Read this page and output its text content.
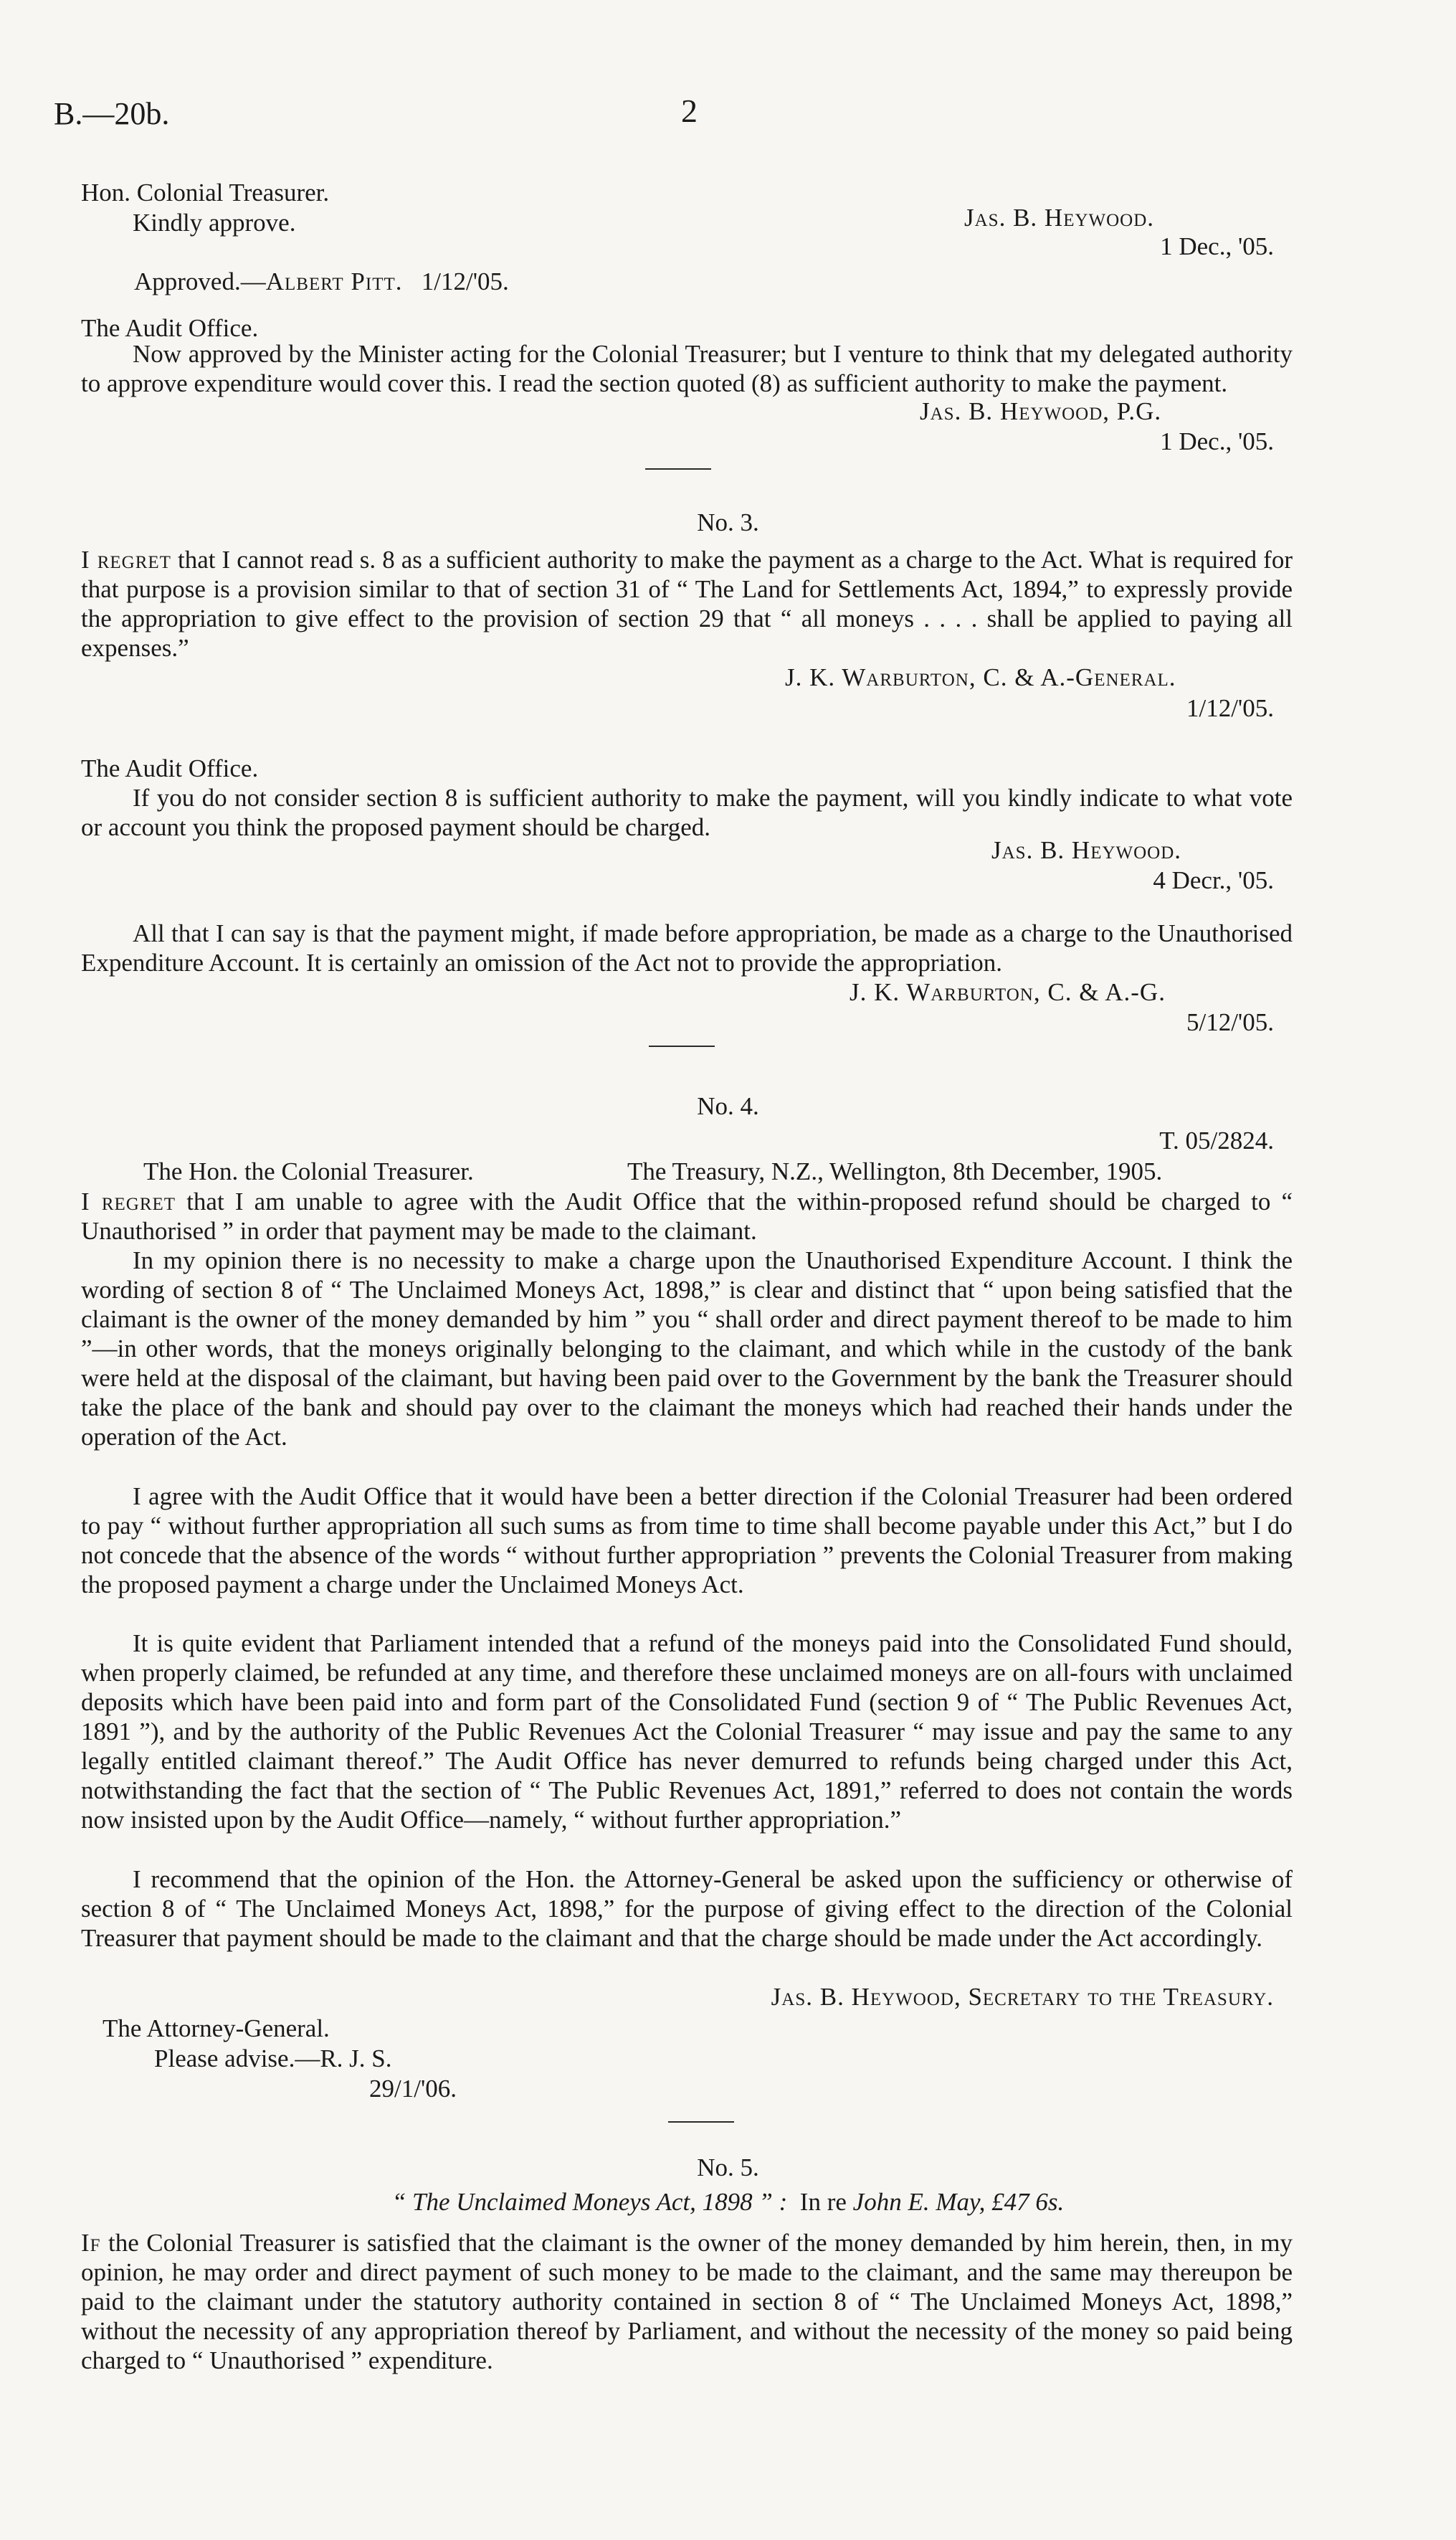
B.—20b.	2
Hon. Colonial Treasurer.
Kindly approve.	Jas. B. Heywood.
1 Dec., '05.
Approved.—Albert Pitt. 1/12/'05.
The Audit Office.

Now approved by the Minister acting for the Colonial Treasurer; but I venture to think that my delegated authority to approve expenditure would cover this. I read the section quoted (8) as sufficient authority to make the payment.

Jas. B. Heywood, P.G.
1 Dec., '05.
No. 3.

I regret that I cannot read s. 8 as a sufficient authority to make the payment as a charge to the Act. What is required for that purpose is a provision similar to that of section 31 of “ The Land for Settlements Act, 1894,” to expressly provide the appropriation to give effect to the provision of section 29 that “ all moneys . . . . shall be applied to paying all expenses.”

J. K. Warburton, C. & A.-General.
1/12/'05.
The Audit Office.

If you do not consider section 8 is sufficient authority to make the payment, will you kindly indicate to what vote or account you think the proposed payment should be charged.

Jas. B. Heywood.
4 Decr., '05.

All that I can say is that the payment might, if made before appropriation, be made as a charge to the Unauthorised Expenditure Account. It is certainly an omission of the Act not to provide the appropriation.

J. K. Warburton, C. & A.-G.
5/12/'05.
No. 4.
T. 05/2824.
The Hon. the Colonial Treasurer.	The Treasury, N.Z., Wellington, 8th December, 1905.

I regret that I am unable to agree with the Audit Office that the within-proposed refund should be charged to “ Unauthorised ” in order that payment may be made to the claimant.

In my opinion there is no necessity to make a charge upon the Unauthorised Expenditure Account. I think the wording of section 8 of “ The Unclaimed Moneys Act, 1898,” is clear and distinct that “ upon being satisfied that the claimant is the owner of the money demanded by him ” you “ shall order and direct payment thereof to be made to him ”—in other words, that the moneys originally belonging to the claimant, and which while in the custody of the bank were held at the disposal of the claimant, but having been paid over to the Government by the bank the Treasurer should take the place of the bank and should pay over to the claimant the moneys which had reached their hands under the operation of the Act.

I agree with the Audit Office that it would have been a better direction if the Colonial Treasurer had been ordered to pay “ without further appropriation all such sums as from time to time shall become payable under this Act,” but I do not concede that the absence of the words “ without further appropriation ” prevents the Colonial Treasurer from making the proposed payment a charge under the Unclaimed Moneys Act.

It is quite evident that Parliament intended that a refund of the moneys paid into the Consolidated Fund should, when properly claimed, be refunded at any time, and therefore these unclaimed moneys are on all-fours with unclaimed deposits which have been paid into and form part of the Consolidated Fund (section 9 of “ The Public Revenues Act, 1891 ”), and by the authority of the Public Revenues Act the Colonial Treasurer “ may issue and pay the same to any legally entitled claimant thereof.” The Audit Office has never demurred to refunds being charged under this Act, notwithstanding the fact that the section of “ The Public Revenues Act, 1891,” referred to does not contain the words now insisted upon by the Audit Office—namely, “ without further appropriation.”

I recommend that the opinion of the Hon. the Attorney-General be asked upon the sufficiency or otherwise of section 8 of “ The Unclaimed Moneys Act, 1898,” for the purpose of giving effect to the direction of the Colonial Treasurer that payment should be made to the claimant and that the charge should be made under the Act accordingly.

Jas. B. Heywood, Secretary to the Treasury.
The Attorney-General.
Please advise.—R. J. S.
29/1/'06.
No. 5.
“ The Unclaimed Moneys Act, 1898 ” : In re John E. May, £47 6s.

If the Colonial Treasurer is satisfied that the claimant is the owner of the money demanded by him herein, then, in my opinion, he may order and direct payment of such money to be made to the claimant, and the same may thereupon be paid to the claimant under the statutory authority contained in section 8 of “ The Unclaimed Moneys Act, 1898,” without the necessity of any appropriation thereof by Parliament, and without the necessity of the money so paid being charged to “ Unauthorised ” expenditure.
